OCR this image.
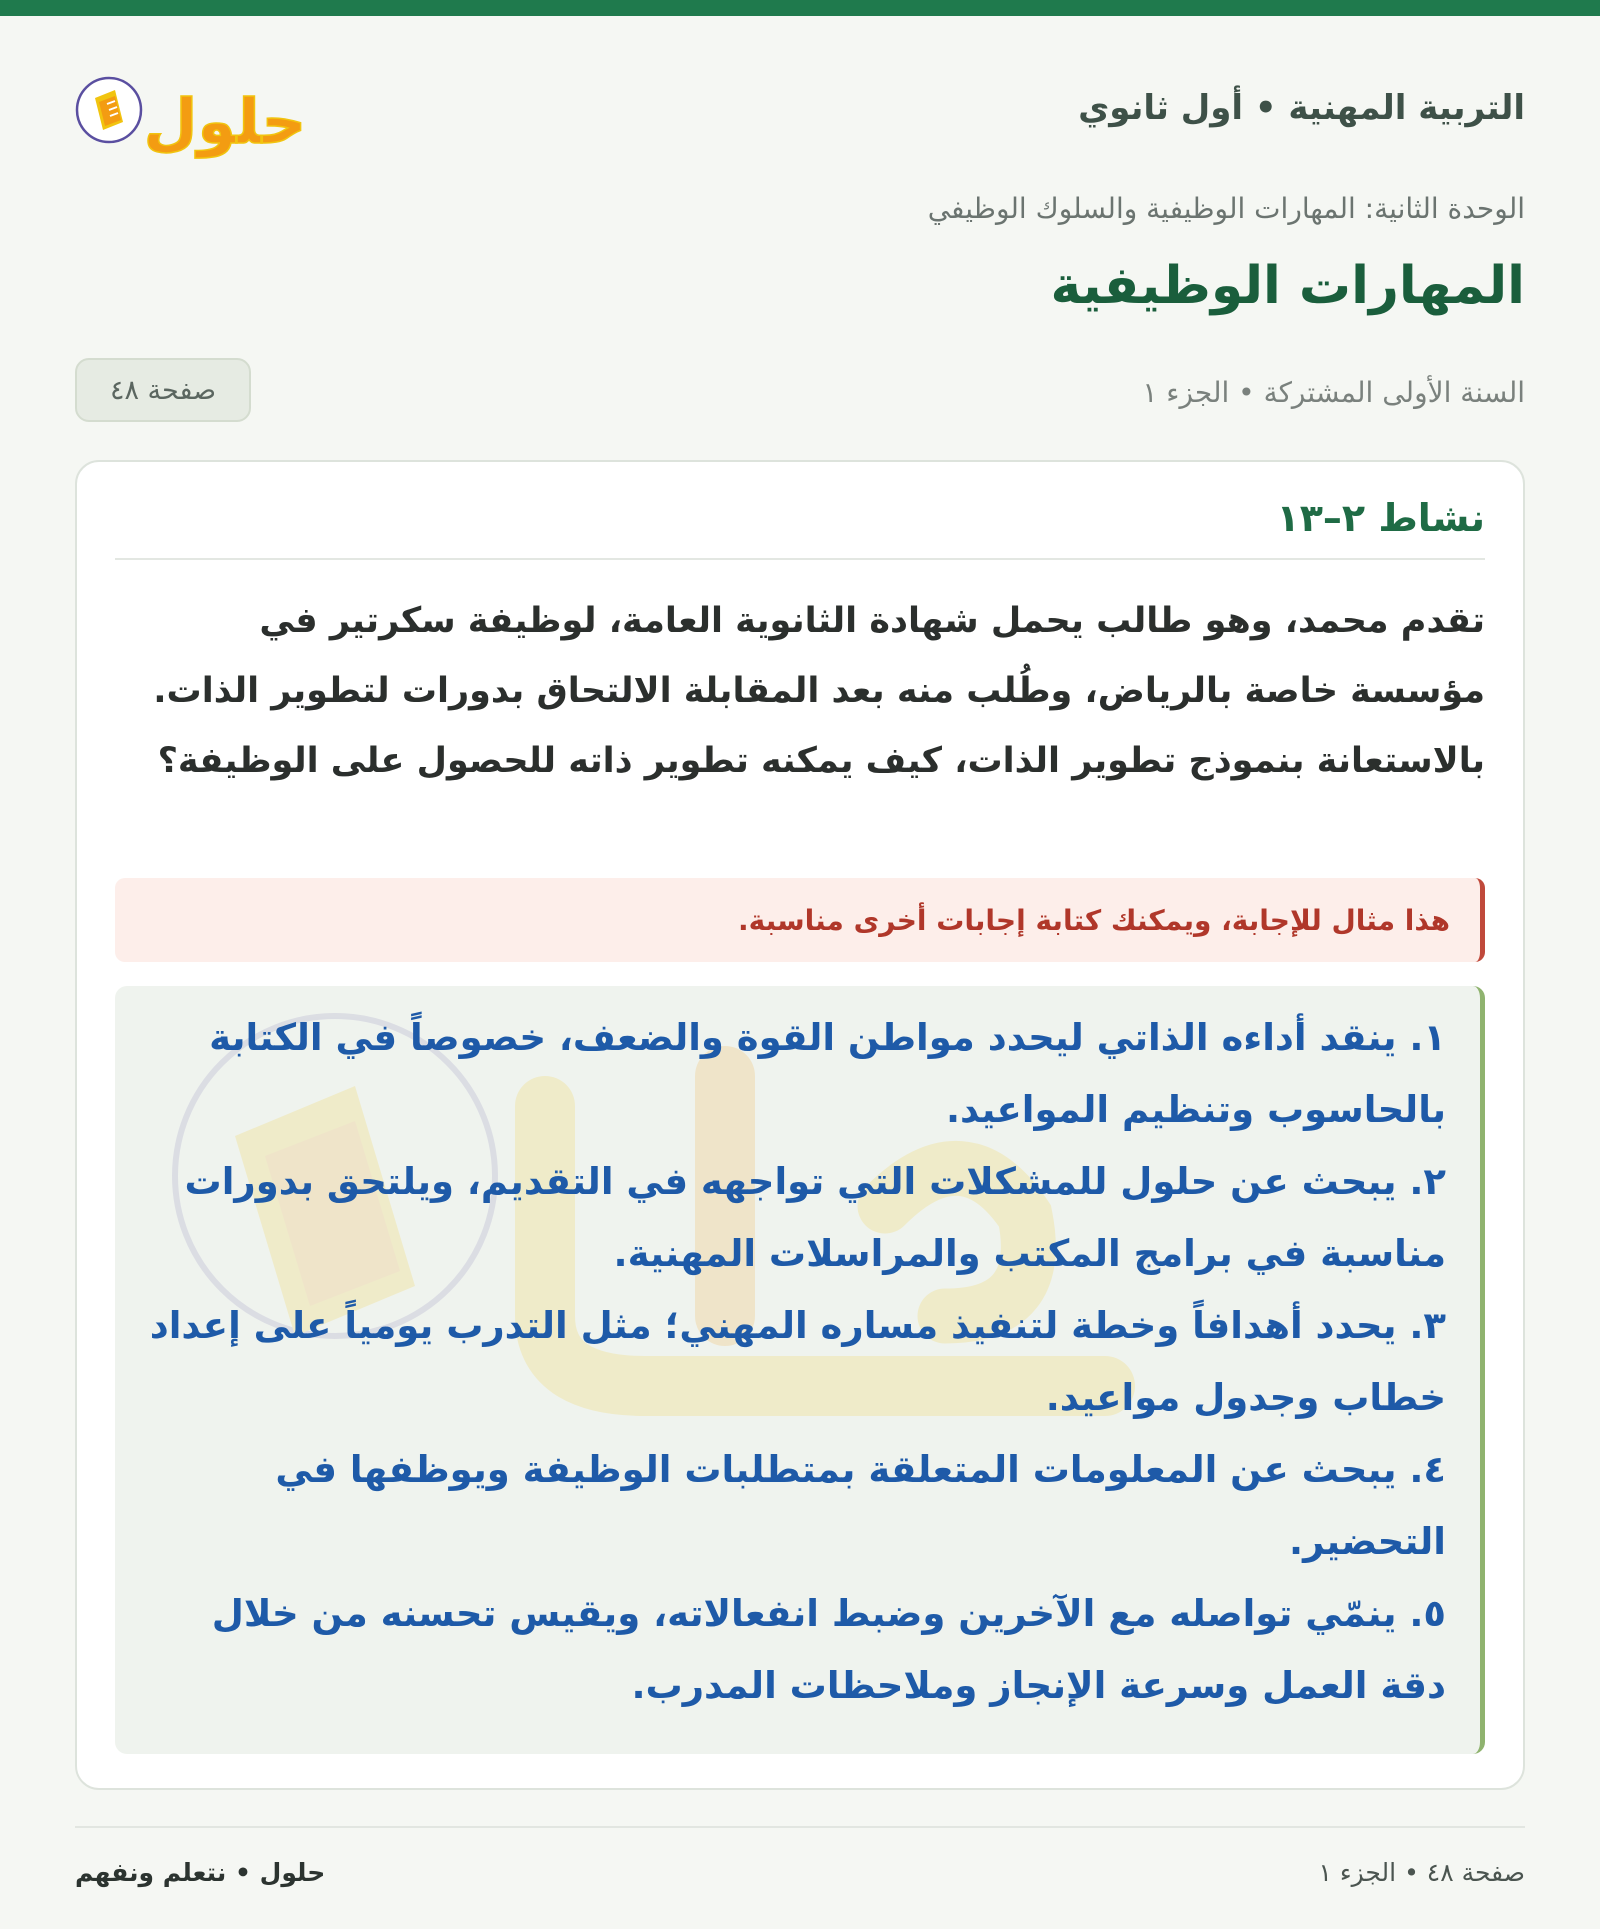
التربية المهنية • أول ثانوي
حلول
الوحدة الثانية: المهارات الوظيفية والسلوك الوظيفي
المهارات الوظيفية
السنة الأولى المشتركة • الجزء ١
صفحة ٤٨
نشاط ٢–١٣

تقدم محمد، وهو طالب يحمل شهادة الثانوية العامة، لوظيفة سكرتير في مؤسسة خاصة بالرياض، وطُلب منه بعد المقابلة الالتحاق بدورات لتطوير الذات. بالاستعانة بنموذج تطوير الذات، كيف يمكنه تطوير ذاته للحصول على الوظيفة؟

هذا مثال للإجابة، ويمكنك كتابة إجابات أخرى مناسبة.
١. ينقد أداءه الذاتي ليحدد مواطن القوة والضعف، خصوصاً في الكتابة بالحاسوب وتنظيم المواعيد.
٢. يبحث عن حلول للمشكلات التي تواجهه في التقديم، ويلتحق بدورات مناسبة في برامج المكتب والمراسلات المهنية.
٣. يحدد أهدافاً وخطة لتنفيذ مساره المهني؛ مثل التدرب يومياً على إعداد خطاب وجدول مواعيد.
٤. يبحث عن المعلومات المتعلقة بمتطلبات الوظيفة ويوظفها في التحضير.
٥. ينمّي تواصله مع الآخرين وضبط انفعالاته، ويقيس تحسنه من خلال دقة العمل وسرعة الإنجاز وملاحظات المدرب.
صفحة ٤٨ • الجزء ١
حلول • نتعلم ونفهم
